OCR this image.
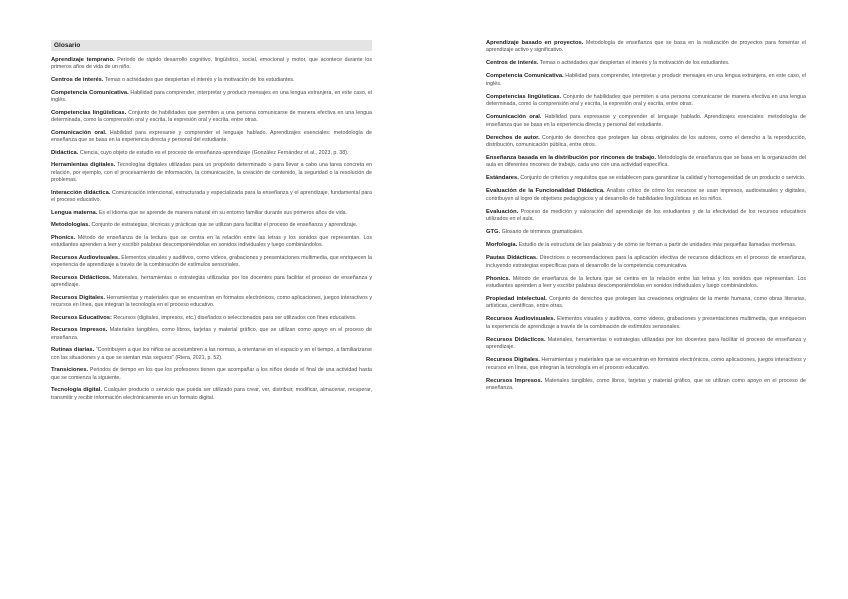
Glosario

Aprendizaje temprano. Periodo de rápido desarrollo cognitivo, lingüístico, social, emocional y motor, que acontece durante los primeros años de vida de un niño.

Centros de interés. Temas o actividades que despiertan el interés y la motivación de los estudiantes.

Competencia Comunicativa. Habilidad para comprender, interpretar y producir mensajes en una lengua extranjera, en este caso, el inglés.

Competencias lingüísticas. Conjunto de habilidades que permiten a una persona comunicarse de manera efectiva en una lengua determinada, como la comprensión oral y escrita, la expresión oral y escrita, entre otras.

Comunicación oral. Habilidad para expresarse y comprender el lenguaje hablado. Aprendizajes esenciales: metodología de enseñanza que se basa en la experiencia directa y personal del estudiante.

Didáctica. Ciencia, cuyo objeto de estudio es el proceso de enseñanza-aprendizaje (González Fernández et al., 2023, p. 38).

Herramientas digitales. Tecnologías digitales utilizadas para un propósito determinado o para llevar a cabo una tarea concreta en relación, por ejemplo, con el procesamiento de información, la comunicación, la creación de contenido, la seguridad o la resolución de problemas.

Interacción didáctica. Comunicación intencional, estructurada y especializada para la enseñanza y el aprendizaje, fundamental para el proceso educativo.

Lengua materna. Es el idioma que se aprende de manera natural en su entorno familiar durante sus primeros años de vida.

Metodologías. Conjunto de estrategias, técnicas y prácticas que se utilizan para facilitar el proceso de enseñanza y aprendizaje.

Phonics. Método de enseñanza de la lectura que se centra en la relación entre las letras y los sonidos que representan. Los estudiantes aprenden a leer y escribir palabras descomponiéndolas en sonidos individuales y luego combinándolos.

Recursos Audiovisuales. Elementos visuales y auditivos, como videos, grabaciones y presentaciones multimedia, que enriquecen la experiencia de aprendizaje a través de la combinación de estímulos sensoriales.

Recursos Didácticos. Materiales, herramientas o estrategias utilizadas por los docentes para facilitar el proceso de enseñanza y aprendizaje.

Recursos Digitales. Herramientas y materiales que se encuentran en formatos electrónicos, como aplicaciones, juegos interactivos y recursos en línea, que integran la tecnología en el proceso educativo.

Recursos Educativos: Recursos (digitales, impresos, etc.) diseñados o seleccionados para ser utilizados con fines educativos.

Recursos Impresos. Materiales tangibles, como libros, tarjetas y material gráfico, que se utilizan como apoyo en el proceso de enseñanza.

Rutinas diarias. "Contribuyen a que los niños se acostumbren a las normas, a orientarse en el espacio y en el tiempo, a familiarizarse con las situaciones y a que se sientan más seguros" (Riera, 2021, p. 52).

Transiciones. Periodos de tiempo en los que los profesores tienen que acompañar a los niños desde el final de una actividad hasta que se comienza la siguiente.

Tecnología digital. Cualquier producto o servicio que pueda ser utilizado para crear, ver, distribuir, modificar, almacenar, recuperar, transmitir y recibir información electrónicamente en un formato digital.

Aprendizaje basado en proyectos. Metodología de enseñanza que se basa en la realización de proyectos para fomentar el aprendizaje activo y significativo.

Centros de interés. Temas o actividades que despiertan el interés y la motivación de los estudiantes.

Competencia Comunicativa. Habilidad para comprender, interpretar y producir mensajes en una lengua extranjera, en este caso, el inglés.

Competencias lingüísticas. Conjunto de habilidades que permiten a una persona comunicarse de manera efectiva en una lengua determinada, como la comprensión oral y escrita, la expresión oral y escrita, entre otras.

Comunicación oral. Habilidad para expresarse y comprender el lenguaje hablado. Aprendizajes esenciales: metodología de enseñanza que se basa en la experiencia directa y personal del estudiante.

Derechos de autor. Conjunto de derechos que protegen las obras originales de los autores, como el derecho a la reproducción, distribución, comunicación pública, entre otros.

Enseñanza basada en la distribución por rincones de trabajo. Metodología de enseñanza que se basa en la organización del aula en diferentes rincones de trabajo, cada uno con una actividad específica.

Estándares. Conjunto de criterios y requisitos que se establecen para garantizar la calidad y homogeneidad de un producto o servicio.

Evaluación de la Funcionalidad Didáctica. Análisis crítico de cómo los recursos se usan impresos, audiovisuales y digitales, contribuyen al logro de objetivos pedagógicos y al desarrollo de habilidades lingüísticas en los niños.

Evaluación. Proceso de medición y valoración del aprendizaje de los estudiantes y de la efectividad de los recursos educativos utilizados en el aula.

GTG. Glosario de términos gramaticales.

Morfología. Estudio de la estructura de las palabras y de cómo se forman a partir de unidades más pequeñas llamadas morfemas.

Pautas Didácticas. Directrices o recomendaciones para la aplicación efectiva de recursos didácticos en el proceso de enseñanza, incluyendo estrategias específicas para el desarrollo de la competencia comunicativa.

Phonics. Método de enseñanza de la lectura que se centra en la relación entre las letras y los sonidos que representan. Los estudiantes aprenden a leer y escribir palabras descomponiéndolas en sonidos individuales y luego combinándolos.

Propiedad intelectual. Conjunto de derechos que protegen las creaciones originales de la mente humana, como obras literarias, artísticas, científicas, entre otras.

Recursos Audiovisuales. Elementos visuales y auditivos, como videos, grabaciones y presentaciones multimedia, que enriquecen la experiencia de aprendizaje a través de la combinación de estímulos sensoriales.

Recursos Didácticos. Materiales, herramientas o estrategias utilizadas por los docentes para facilitar el proceso de enseñanza y aprendizaje.

Recursos Digitales. Herramientas y materiales que se encuentran en formatos electrónicos, como aplicaciones, juegos interactivos y recursos en línea, que integran la tecnología en el proceso educativo.

Recursos Impresos. Materiales tangibles, como libros, tarjetas y material gráfico, que se utilizan como apoyo en el proceso de enseñanza.
